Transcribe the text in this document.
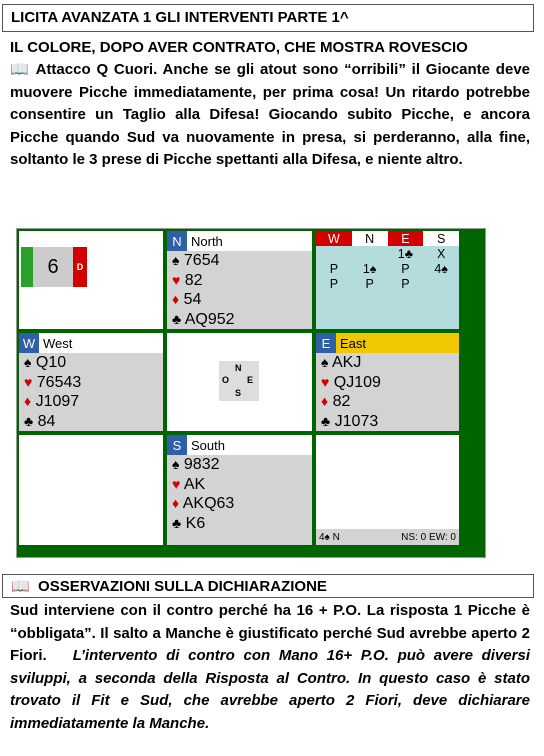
LICITA AVANZATA 1 GLI INTERVENTI PARTE 1^
IL COLORE, DOPO AVER CONTRATO, CHE MOSTRA ROVESCIO
📖 Attacco Q Cuori. Anche se gli atout sono “orribili” il Giocante deve muovere Picche immediatamente, per prima cosa! Un ritardo potrebbe consentire un Taglio alla Difesa! Giocando subito Picche, e ancora Picche quando Sud va nuovamente in presa, si perderanno, alla fine, soltanto le 3 prese di Picche spettanti alla Difesa, e niente altro.
6	D
N North
♠ 7654
♥ 82
♦ 54
♣ AQ952
W	N	E	S
		1♣	X
P	1♠	P	4♠
P	P	P	
W West
♠ Q10
♥ 76543
♦ J1097
♣ 84
N
O E
S
E East
♠ AKJ
♥ QJ109
♦ 82
♣ J1073
S South
♠ 9832
♥ AK
♦ AKQ63
♣ K6
4♠ N	NS: 0 EW: 0
📖  OSSERVAZIONI SULLA DICHIARAZIONE
Sud interviene con il contro perché ha 16 + P.O. La risposta 1 Picche è “obbligata”. Il salto a Manche è giustificato perché Sud avrebbe aperto 2 Fiori.   L’intervento di contro con Mano 16+ P.O. può avere diversi sviluppi, a seconda della Risposta al Contro. In questo caso è stato trovato il Fit e Sud, che avrebbe aperto 2 Fiori, deve dichiarare immediatamente la Manche.
